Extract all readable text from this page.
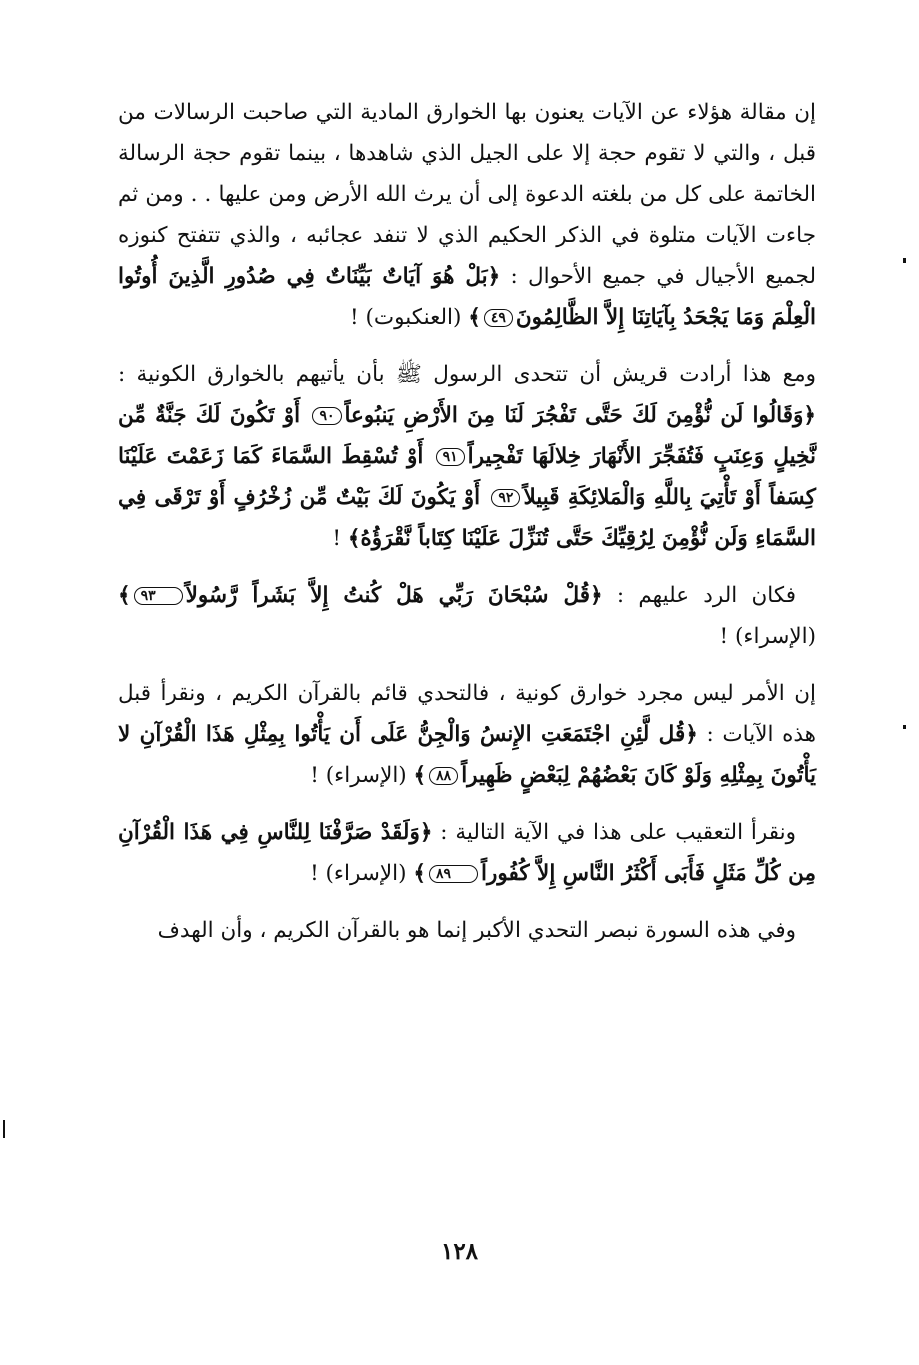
إن مقالة هؤلاء عن الآيات يعنون بها الخوارق المادية التي صاحبت الرسالات من قبل ، والتي لا تقوم حجة إلا على الجيل الذي شاهدها ، بينما تقوم حجة الرسالة الخاتمة على كل من بلغته الدعوة إلى أن يرث الله الأرض ومن عليها . . ومن ثم جاءت الآيات متلوة في الذكر الحكيم الذي لا تنفد عجائبه ، والذي تتفتح كنوزه لجميع الأجيال في جميع الأحوال : ﴿بَلْ هُوَ آيَاتٌ بَيِّنَاتٌ فِي صُدُورِ الَّذِينَ أُوتُوا الْعِلْمَ وَمَا يَجْحَدُ بِآيَاتِنَا إِلاَّ الظَّالِمُونَ٤٩﴾ (العنكبوت) !

ومع هذا أرادت قريش أن تتحدى الرسول ﷺ بأن يأتيهم بالخوارق الكونية : ﴿وَقَالُوا لَن نُّؤْمِنَ لَكَ حَتَّى تَفْجُرَ لَنَا مِنَ الأَرْضِ يَنبُوعاً٩٠ أَوْ تَكُونَ لَكَ جَنَّةٌ مِّن نَّخِيلٍ وَعِنَبٍ فَتُفَجِّرَ الأَنْهَارَ خِلالَهَا تَفْجِيراً٩١ أَوْ تُسْقِطَ السَّمَاءَ كَمَا زَعَمْتَ عَلَيْنَا كِسَفاً أَوْ تَأْتِيَ بِاللَّهِ وَالْمَلائِكَةِ قَبِيلاً٩٢ أَوْ يَكُونَ لَكَ بَيْتٌ مِّن زُخْرُفٍ أَوْ تَرْقَى فِي السَّمَاءِ وَلَن نُّؤْمِنَ لِرُقِيِّكَ حَتَّى تُنَزِّلَ عَلَيْنَا كِتَاباً نَّقْرَؤُهُ﴾ !

فكان الرد عليهم : ﴿قُلْ سُبْحَانَ رَبِّي هَلْ كُنتُ إِلاَّ بَشَراً رَّسُولاً٩٣﴾ (الإسراء) !

إن الأمر ليس مجرد خوارق كونية ، فالتحدي قائم بالقرآن الكريم ، ونقرأ قبل هذه الآيات : ﴿قُل لَّئِنِ اجْتَمَعَتِ الإِنسُ وَالْجِنُّ عَلَى أَن يَأْتُوا بِمِثْلِ هَذَا الْقُرْآنِ لا يَأْتُونَ بِمِثْلِهِ وَلَوْ كَانَ بَعْضُهُمْ لِبَعْضٍ ظَهِيراً٨٨﴾ (الإسراء) !

ونقرأ التعقيب على هذا في الآية التالية : ﴿وَلَقَدْ صَرَّفْنَا لِلنَّاسِ فِي هَذَا الْقُرْآنِ مِن كُلِّ مَثَلٍ فَأَبَى أَكْثَرُ النَّاسِ إِلاَّ كُفُوراً٨٩﴾ (الإسراء) !

وفي هذه السورة نبصر التحدي الأكبر إنما هو بالقرآن الكريم ، وأن الهدف

١٢٨
